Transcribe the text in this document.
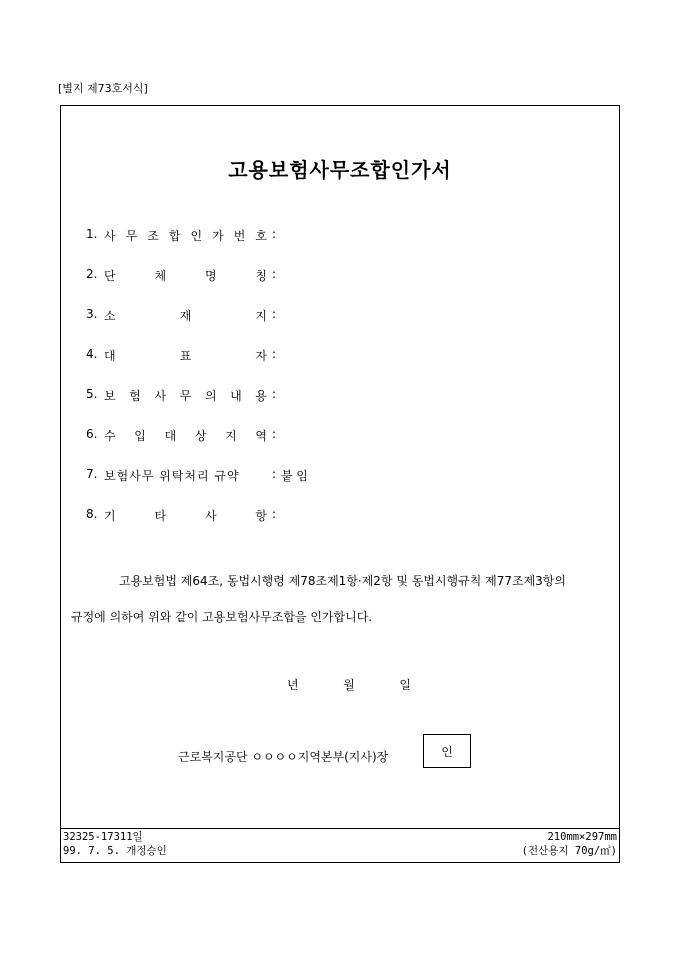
[별지 제73호서식]
고용보험사무조합인가서
1. 사 무 조 합 인 가 번 호 :
2. 단	체	명	칭 :
3. 소	재	지 :
4. 대	표	자 :
5. 보 험 사 무 의 내 용 :
6. 수 입 대 상 지 역 :
7. 보험사무 위탁처리 규약	: 붙 임
8. 기	타	사	항 :
고용보험법 제64조, 동법시행령 제78조제1항·제2항 및 동법시행규칙 제77조제3항의
규정에 의하여 위와 같이 고용보험사무조합을 인가합니다.
년	월	일
근로복지공단 ㅇㅇㅇㅇ지역본부(지사)장	인
32325-17311일
99. 7. 5. 개정승인
210mm×297mm
(전산용지 70g/㎡)
